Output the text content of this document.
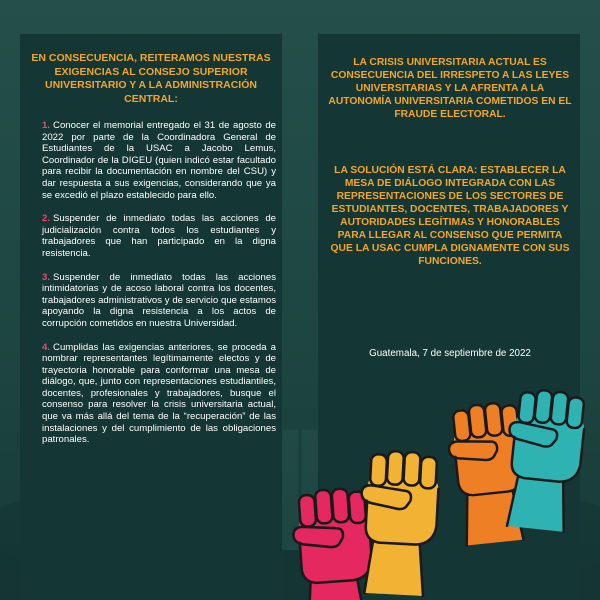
EN CONSECUENCIA, REITERAMOS NUESTRAS EXIGENCIAS AL CONSEJO SUPERIOR UNIVERSITARIO Y A LA ADMINISTRACIÓN CENTRAL:

1. Conocer el memorial entregado el 31 de agosto de 2022 por parte de la Coordinadora General de Estudiantes de la USAC a Jacobo Lemus, Coordinador de la DIGEU (quien indicó estar facultado para recibir la documentación en nombre del CSU) y dar respuesta a sus exigencias, considerando que ya se excedió el plazo establecido para ello.
2. Suspender de inmediato todas las acciones de judicialización contra todos los estudiantes y trabajadores que han participado en la digna resistencia.
3. Suspender de inmediato todas las acciones intimidatorias y de acoso laboral contra los docentes, trabajadores administrativos y de servicio que estamos apoyando la digna resistencia a los actos de corrupción cometidos en nuestra Universidad.
4. Cumplidas las exigencias anteriores, se proceda a nombrar representantes legítimamente electos y de trayectoria honorable para conformar una mesa de diálogo, que, junto con representaciones estudiantiles, docentes, profesionales y trabajadores, busque el consenso para resolver la crisis universitaria actual, que va más allá del tema de la “recuperación” de las instalaciones y del cumplimiento de las obligaciones patronales.

LA CRISIS UNIVERSITARIA ACTUAL ES CONSECUENCIA DEL IRRESPETO A LAS LEYES UNIVERSITARIAS Y LA AFRENTA A LA AUTONOMÍA UNIVERSITARIA COMETIDOS EN EL FRAUDE ELECTORAL.

LA SOLUCIÓN ESTÁ CLARA: ESTABLECER LA MESA DE DIÁLOGO INTEGRADA CON LAS REPRESENTACIONES DE LOS SECTORES DE ESTUDIANTES, DOCENTES, TRABAJADORES Y AUTORIDADES LEGÍTIMAS Y HONORABLES PARA LLEGAR AL CONSENSO QUE PERMITA QUE LA USAC CUMPLA DIGNAMENTE CON SUS FUNCIONES.

Guatemala, 7 de septiembre de 2022
